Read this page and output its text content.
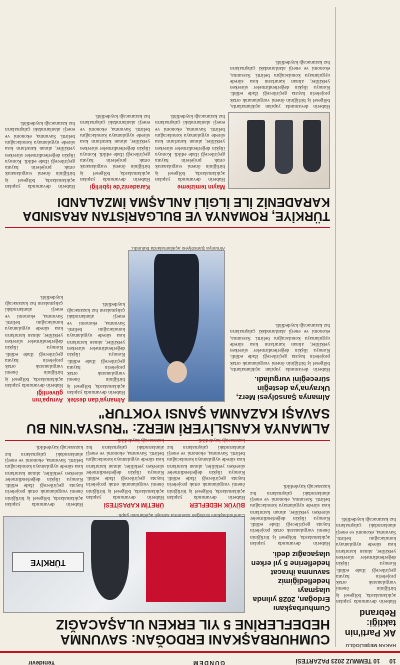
10
10 TEMMUZ 2023 PAZARTESİ
GÜNDEM
Yenidevir
HAKAN MEŞELİOĞLU
AK Parti'nin taktiği: Rebrand
Haberin devamında yapılan açıklamalarda, bölgesel iş birliğinin önemi vurgulanarak ortak projelerin hayata geçirileceği ifade edildi. Konuya ilişkin değerlendirmeler sürerken yetkililer, alınan kararların kısa sürede uygulamaya konulacağını belirtti. Savunma, ekonomi ve enerji alanlarındaki çalışmaların hız kazanacağı kaydedildi.
CUMHURBAŞKANI ERDOĞAN: SAVUNMA HEDEFLERİNE 5 YIL ERKEN ULAŞACAĞIZ
Cumhurbaşkanı Erdoğan, 2028 yılında ulaşmayı hedeflediğimiz savunma ihracat hedeflerine 5 yıl erken ulaşacağız dedi.
Haberin devamında yapılan açıklamalarda, bölgesel iş birliğinin önemi vurgulanarak ortak projelerin hayata geçirileceği ifade edildi. Konuya ilişkin değerlendirmeler sürerken yetkililer, alınan kararların kısa sürede uygulamaya konulacağını belirtti. Savunma, ekonomi ve enerji alanlarındaki çalışmaların hız kazanacağı kaydedildi.
TÜRKİYE
Cumhurbaşkanı Erdoğan savunma sanayii açıklaması yaptı.
BÜYÜK HEDEFLER
Haberin devamında yapılan açıklamalarda, bölgesel iş birliğinin önemi vurgulanarak ortak projelerin hayata geçirileceği ifade edildi. Konuya ilişkin değerlendirmeler sürerken yetkililer, alınan kararların kısa sürede uygulamaya konulacağını belirtti. Savunma, ekonomi ve enerji alanlarındaki çalışmaların hız
ÜRETİM KAPASİTESİ
Haberin devamında yapılan açıklamalarda, bölgesel iş birliğinin önemi vurgulanarak ortak projelerin hayata geçirileceği ifade edildi. Konuya ilişkin değerlendirmeler sürerken yetkililer, alınan kararların kısa sürede uygulamaya konulacağını belirtti. Savunma, ekonomi ve enerji alanlarındaki çalışmaların hız
Haberin devamında yapılan açıklamalarda, bölgesel iş birliğinin önemi vurgulanarak ortak projelerin hayata geçirileceği ifade edildi. Konuya ilişkin değerlendirmeler sürerken yetkililer, alınan kararların kısa sürede uygulamaya konulacağını belirtti. Savunma, ekonomi ve enerji alanlarındaki çalışmaların hız kazanacağı kaydedildi.
ALMANYA KANSLİYERİ MERZ: "RUSYA'NIN BU SAVAŞI KAZANMA ŞANSI YOKTUR"
Almanya Şansölyesi Merz, Ukrayna'ya desteğin süreceğini vurguladı.
Haberin devamında yapılan açıklamalarda, bölgesel iş birliğinin önemi vurgulanarak ortak projelerin hayata geçirileceği ifade edildi. Konuya ilişkin değerlendirmeler sürerken yetkililer, alınan kararların kısa sürede uygulamaya konulacağını belirtti. Savunma, ekonomi ve enerji alanlarındaki çalışmaların hız kazanacağı kaydedildi.
Almanya Şansölyesi açıklamalarda bulundu.
Almanya'dan destek
Haberin devamında yapılan açıklamalarda, bölgesel iş birliğinin önemi vurgulanarak ortak projelerin hayata geçirileceği ifade edildi. Konuya ilişkin değerlendirmeler sürerken yetkililer, alınan kararların kısa sürede uygulamaya konulacağını belirtti. Savunma, ekonomi ve enerji alanlarındaki çalışmaların hız kazanacağı kaydedildi.
Avrupa'nın güvenliği
Haberin devamında yapılan açıklamalarda, bölgesel iş birliğinin önemi vurgulanarak ortak projelerin hayata geçirileceği ifade edildi. Konuya ilişkin değerlendirmeler sürerken yetkililer, alınan kararların kısa sürede uygulamaya konulacağını belirtti. Savunma, ekonomi ve enerji alanlarındaki çalışmaların hız kazanacağı kaydedildi.
TÜRKİYE, ROMANYA VE BULGARİSTAN ARASINDA KARADENİZ İLE İLGİLİ ANLAŞMA İMZALANDI
Haberin devamında yapılan açıklamalarda, bölgesel iş birliğinin önemi vurgulanarak ortak projelerin hayata geçirileceği ifade edildi. Konuya ilişkin değerlendirmeler sürerken yetkililer, alınan kararların kısa sürede uygulamaya konulacağını belirtti. Savunma, ekonomi ve enerji alanlarındaki çalışmaların hız kazanacağı kaydedildi.
Mayın temizleme
Haberin devamında yapılan açıklamalarda, bölgesel iş birliğinin önemi vurgulanarak ortak projelerin hayata geçirileceği ifade edildi. Konuya ilişkin değerlendirmeler sürerken yetkililer, alınan kararların kısa sürede uygulamaya konulacağını belirtti. Savunma, ekonomi ve enerji alanlarındaki çalışmaların hız kazanacağı kaydedildi.
Karadeniz'de işbirliği
Haberin devamında yapılan açıklamalarda, bölgesel iş birliğinin önemi vurgulanarak ortak projelerin hayata geçirileceği ifade edildi. Konuya ilişkin değerlendirmeler sürerken yetkililer, alınan kararların kısa sürede uygulamaya konulacağını belirtti. Savunma, ekonomi ve enerji alanlarındaki çalışmaların hız kazanacağı kaydedildi.
Haberin devamında yapılan açıklamalarda, bölgesel iş birliğinin önemi vurgulanarak ortak projelerin hayata geçirileceği ifade edildi. Konuya ilişkin değerlendirmeler sürerken yetkililer, alınan kararların kısa sürede uygulamaya konulacağını belirtti. Savunma, ekonomi ve enerji alanlarındaki çalışmaların hız kazanacağı kaydedildi.
